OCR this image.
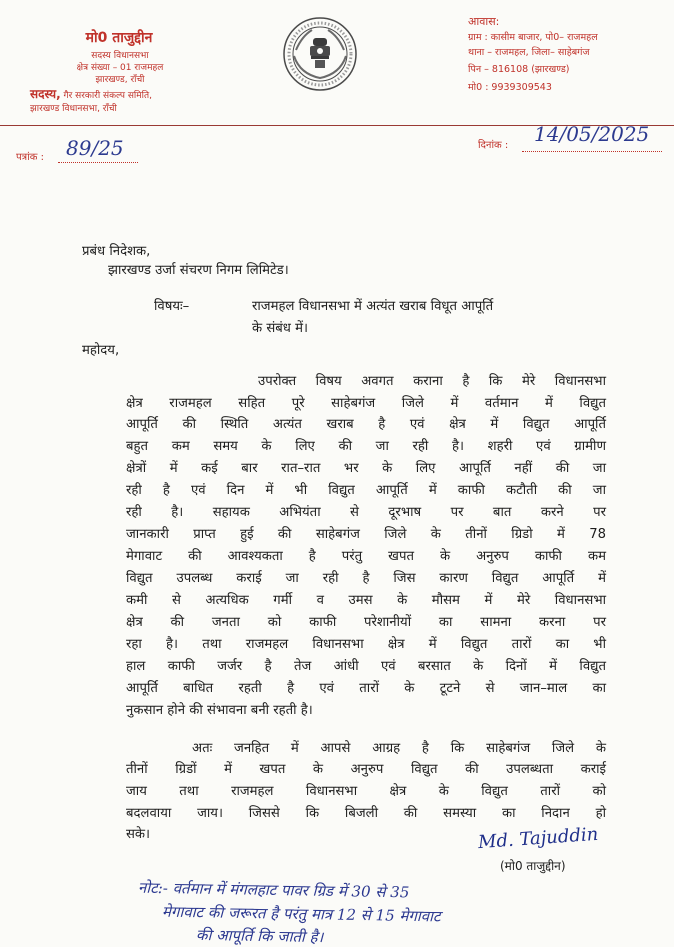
मो0 ताजुद्दीन
सदस्य विधानसभा
क्षेत्र संख्या – 01 राजमहल
झारखण्ड, राँची
सदस्य, गैर सरकारी संकल्प समिति,
झारखण्ड विधानसभा, राँची
आवास:
ग्राम : कासीम बाजार, पो0– राजमहल
थाना – राजमहल, जिला– साहेबगंज
पिन – 816108 (झारखण्ड)
मो0 : 9939309543
पत्रांक : 89/25	दिनांक : 14/05/2025
प्रबंध निदेशक,
झारखण्ड उर्जा संचरण निगम लिमिटेड।
विषयः–	राजमहल विधानसभा में अत्यंत खराब विधूत आपूर्ति
के संबंध में।
महोदय,
उपरोक्त विषय अवगत कराना है कि मेरे विधानसभा
क्षेत्र राजमहल सहित पूरे साहेबगंज जिले में वर्तमान में विद्युत
आपूर्ति की स्थिति अत्यंत खराब है एवं क्षेत्र में विद्युत आपूर्ति
बहुत कम समय के लिए की जा रही है। शहरी एवं ग्रामीण
क्षेत्रों में कई बार रात–रात भर के लिए आपूर्ति नहीं की जा
रही है एवं दिन में भी विद्युत आपूर्ति में काफी कटौती की जा
रही है। सहायक अभियंता से दूरभाष पर बात करने पर
जानकारी प्राप्त हुई की साहेबगंज जिले के तीनों ग्रिडो में 78
मेगावाट की आवश्यकता है परंतु खपत के अनुरुप काफी कम
विद्युत उपलब्ध कराई जा रही है जिस कारण विद्युत आपूर्ति में
कमी से अत्यधिक गर्मी व उमस के मौसम में मेरे विधानसभा
क्षेत्र की जनता को काफी परेशानीयों का सामना करना पर
रहा है। तथा राजमहल विधानसभा क्षेत्र में विद्युत तारों का भी
हाल काफी जर्जर है तेज आंधी एवं बरसात के दिनों में विद्युत
आपूर्ति बाधित रहती है एवं तारों के टूटने से जान–माल का
नुकसान होने की संभावना बनी रहती है।
अतः जनहित में आपसे आग्रह है कि साहेबगंज जिले के
तीनों ग्रिडों में खपत के अनुरुप विद्युत की उपलब्धता कराई
जाय तथा राजमहल विधानसभा क्षेत्र के विद्युत तारों को
बदलवाया जाय। जिससे कि बिजली की समस्या का निदान हो
सके।	Md. Tajuddin
(मो0 ताजुद्दीन)
नोट:- वर्तमान में मंगलहाट पावर ग्रिड में 30 से 35
मेगावाट की जरूरत है परंतु मात्र 12 से 15 मेगावाट
की आपूर्ति कि जाती है।
